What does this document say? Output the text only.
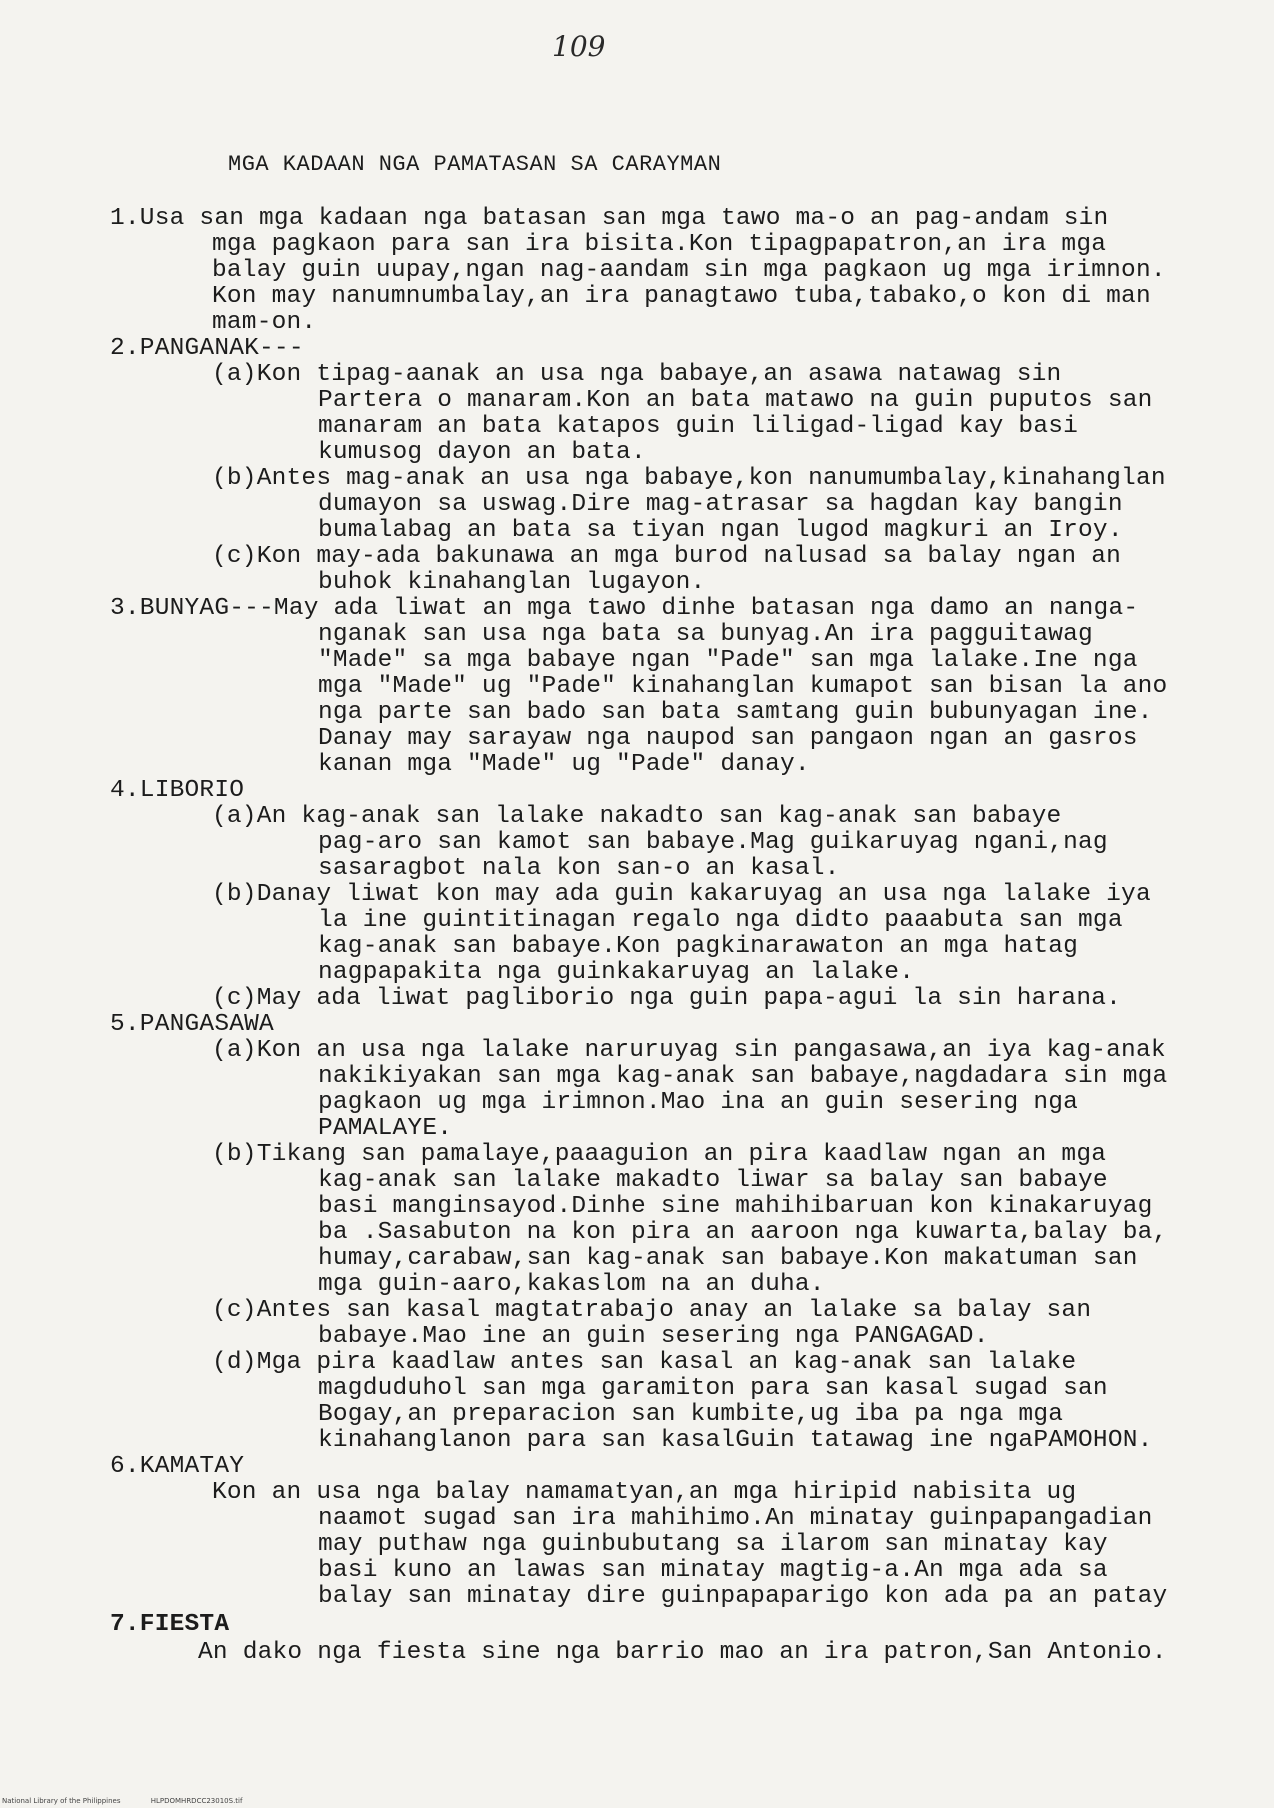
109
MGA KADAAN NGA PAMATASAN SA CARAYMAN
1.Usa san mga kadaan nga batasan san mga tawo ma-o an pag-andam sin
mga pagkaon para san ira bisita.Kon tipagpapatron,an ira mga
balay guin uupay,ngan nag-aandam sin mga pagkaon ug mga irimnon.
Kon may nanumnumbalay,an ira panagtawo tuba,tabako,o kon di man
mam-on.
2.PANGANAK---
(a)Kon tipag-aanak an usa nga babaye,an asawa natawag sin
Partera o manaram.Kon an bata matawo na guin puputos san
manaram an bata katapos guin liligad-ligad kay basi
kumusog dayon an bata.
(b)Antes mag-anak an usa nga babaye,kon nanumumbalay,kinahanglan
dumayon sa uswag.Dire mag-atrasar sa hagdan kay bangin
bumalabag an bata sa tiyan ngan lugod magkuri an Iroy.
(c)Kon may-ada bakunawa an mga burod nalusad sa balay ngan an
buhok kinahanglan lugayon.
3.BUNYAG---May ada liwat an mga tawo dinhe batasan nga damo an nanga-
nganak san usa nga bata sa bunyag.An ira pagguitawag
"Made" sa mga babaye ngan "Pade" san mga lalake.Ine nga
mga "Made" ug "Pade" kinahanglan kumapot san bisan la ano
nga parte san bado san bata samtang guin bubunyagan ine.
Danay may sarayaw nga naupod san pangaon ngan an gasros
kanan mga "Made" ug "Pade" danay.
4.LIBORIO
(a)An kag-anak san lalake nakadto san kag-anak san babaye
pag-aro san kamot san babaye.Mag guikaruyag ngani,nag
sasaragbot nala kon san-o an kasal.
(b)Danay liwat kon may ada guin kakaruyag an usa nga lalake iya
la ine guintitinagan regalo nga didto paaabuta san mga
kag-anak san babaye.Kon pagkinarawaton an mga hatag
nagpapakita nga guinkakaruyag an lalake.
(c)May ada liwat pagliborio nga guin papa-agui la sin harana.
5.PANGASAWA
(a)Kon an usa nga lalake naruruyag sin pangasawa,an iya kag-anak
nakikiyakan san mga kag-anak san babaye,nagdadara sin mga
pagkaon ug mga irimnon.Mao ina an guin sesering nga
PAMALAYE.
(b)Tikang san pamalaye,paaaguion an pira kaadlaw ngan an mga
kag-anak san lalake makadto liwar sa balay san babaye
basi manginsayod.Dinhe sine mahihibaruan kon kinakaruyag
ba .Sasabuton na kon pira an aaroon nga kuwarta,balay ba,
humay,carabaw,san kag-anak san babaye.Kon makatuman san
mga guin-aaro,kakaslom na an duha.
(c)Antes san kasal magtatrabajo anay an lalake sa balay san
babaye.Mao ine an guin sesering nga PANGAGAD.
(d)Mga pira kaadlaw antes san kasal an kag-anak san lalake
magduduhol san mga garamiton para san kasal sugad san
Bogay,an preparacion san kumbite,ug iba pa nga mga
kinahanglanon para san kasalGuin tatawag ine ngaPAMOHON.
6.KAMATAY
Kon an usa nga balay namamatyan,an mga hiripid nabisita ug
naamot sugad san ira mahihimo.An minatay guinpapangadian
may puthaw nga guinbubutang sa ilarom san minatay kay
basi kuno an lawas san minatay magtig-a.An mga ada sa
balay san minatay dire guinpapaparigo kon ada pa an patay
7.FIESTA
An dako nga fiesta sine nga barrio mao an ira patron,San Antonio.
National Library of the Philippines	HLPDOMHRDCC23010S.tif
